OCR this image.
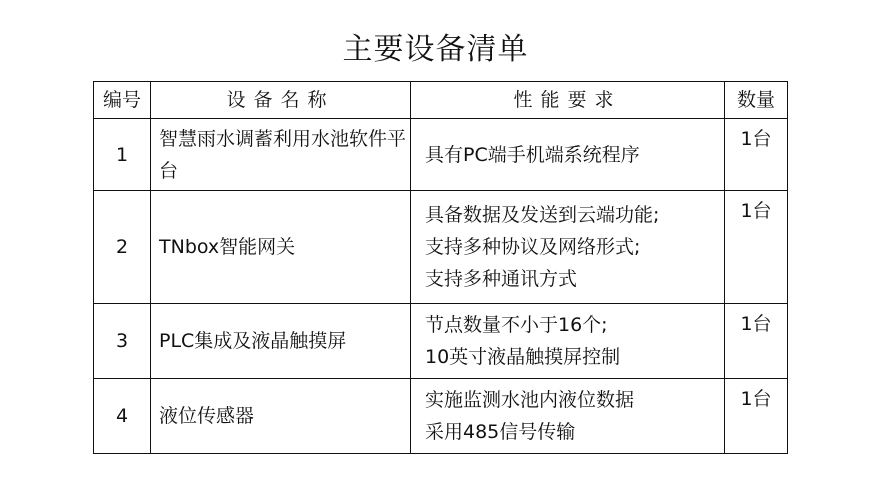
主要设备清单
编号	设备名称	性能要求	数量
1	智慧雨水调蓄利用水池软件平台	具有PC端手机端系统程序	1台
2	TNbox智能网关	具备数据及发送到云端功能;
支持多种协议及网络形式;
支持多种通讯方式	1台
3	PLC集成及液晶触摸屏	节点数量不小于16个;
10英寸液晶触摸屏控制	1台
4	液位传感器	实施监测水池内液位数据
采用485信号传输	1台
